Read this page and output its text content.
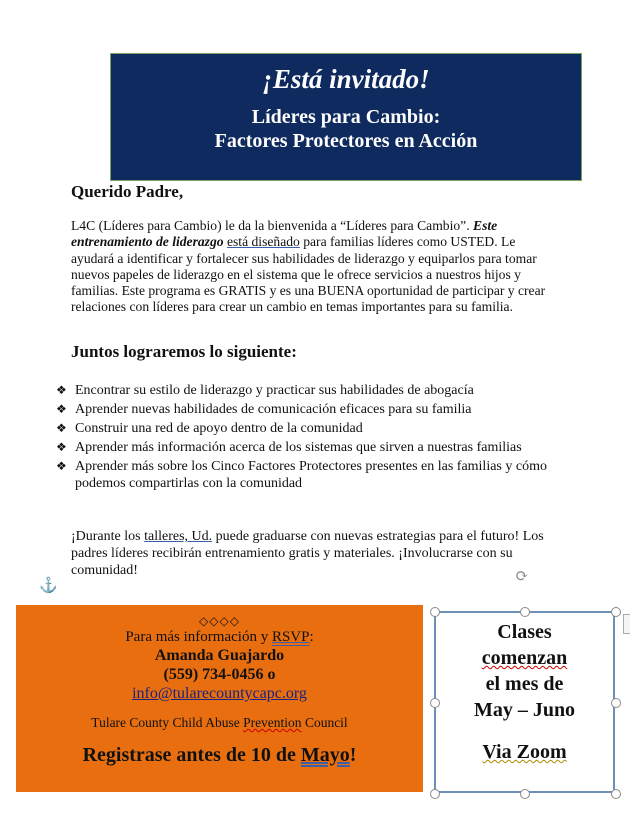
¡Está invitado!
Líderes para Cambio:
Factores Protectores en Acción
Querido Padre,
L4C (Líderes para Cambio) le da la bienvenida a “Líderes para Cambio”. Este entrenamiento de liderazgo está diseñado para familias líderes como USTED. Le ayudará a identificar y fortalecer sus habilidades de liderazgo y equiparlos para tomar nuevos papeles de liderazgo en el sistema que le ofrece servicios a nuestros hijos y familias. Este programa es GRATIS y es una BUENA oportunidad de participar y crear relaciones con líderes para crear un cambio en temas importantes para su familia.
Juntos lograremos lo siguiente:
❖ Encontrar su estilo de liderazgo y practicar sus habilidades de abogacía
❖ Aprender nuevas habilidades de comunicación eficaces para su familia
❖ Construir una red de apoyo dentro de la comunidad
❖ Aprender más información acerca de los sistemas que sirven a nuestras familias
❖ Aprender más sobre los Cinco Factores Protectores presentes en las familias y cómo podemos compartirlas con la comunidad
¡Durante los talleres, Ud. puede graduarse con nuevas estrategias para el futuro! Los padres líderes recibirán entrenamiento gratis y materiales. ¡Involucrarse con su comunidad!
⚓
◇◇◇◇
Para más información y RSVP:
Amanda Guajardo
(559) 734-0456 o
info@tularecountycapc.org
Tulare County Child Abuse Prevention Council
Registrase antes de 10 de Mayo!
⟳
Clases
comenzan
el mes de
May – Juno
Via Zoom
